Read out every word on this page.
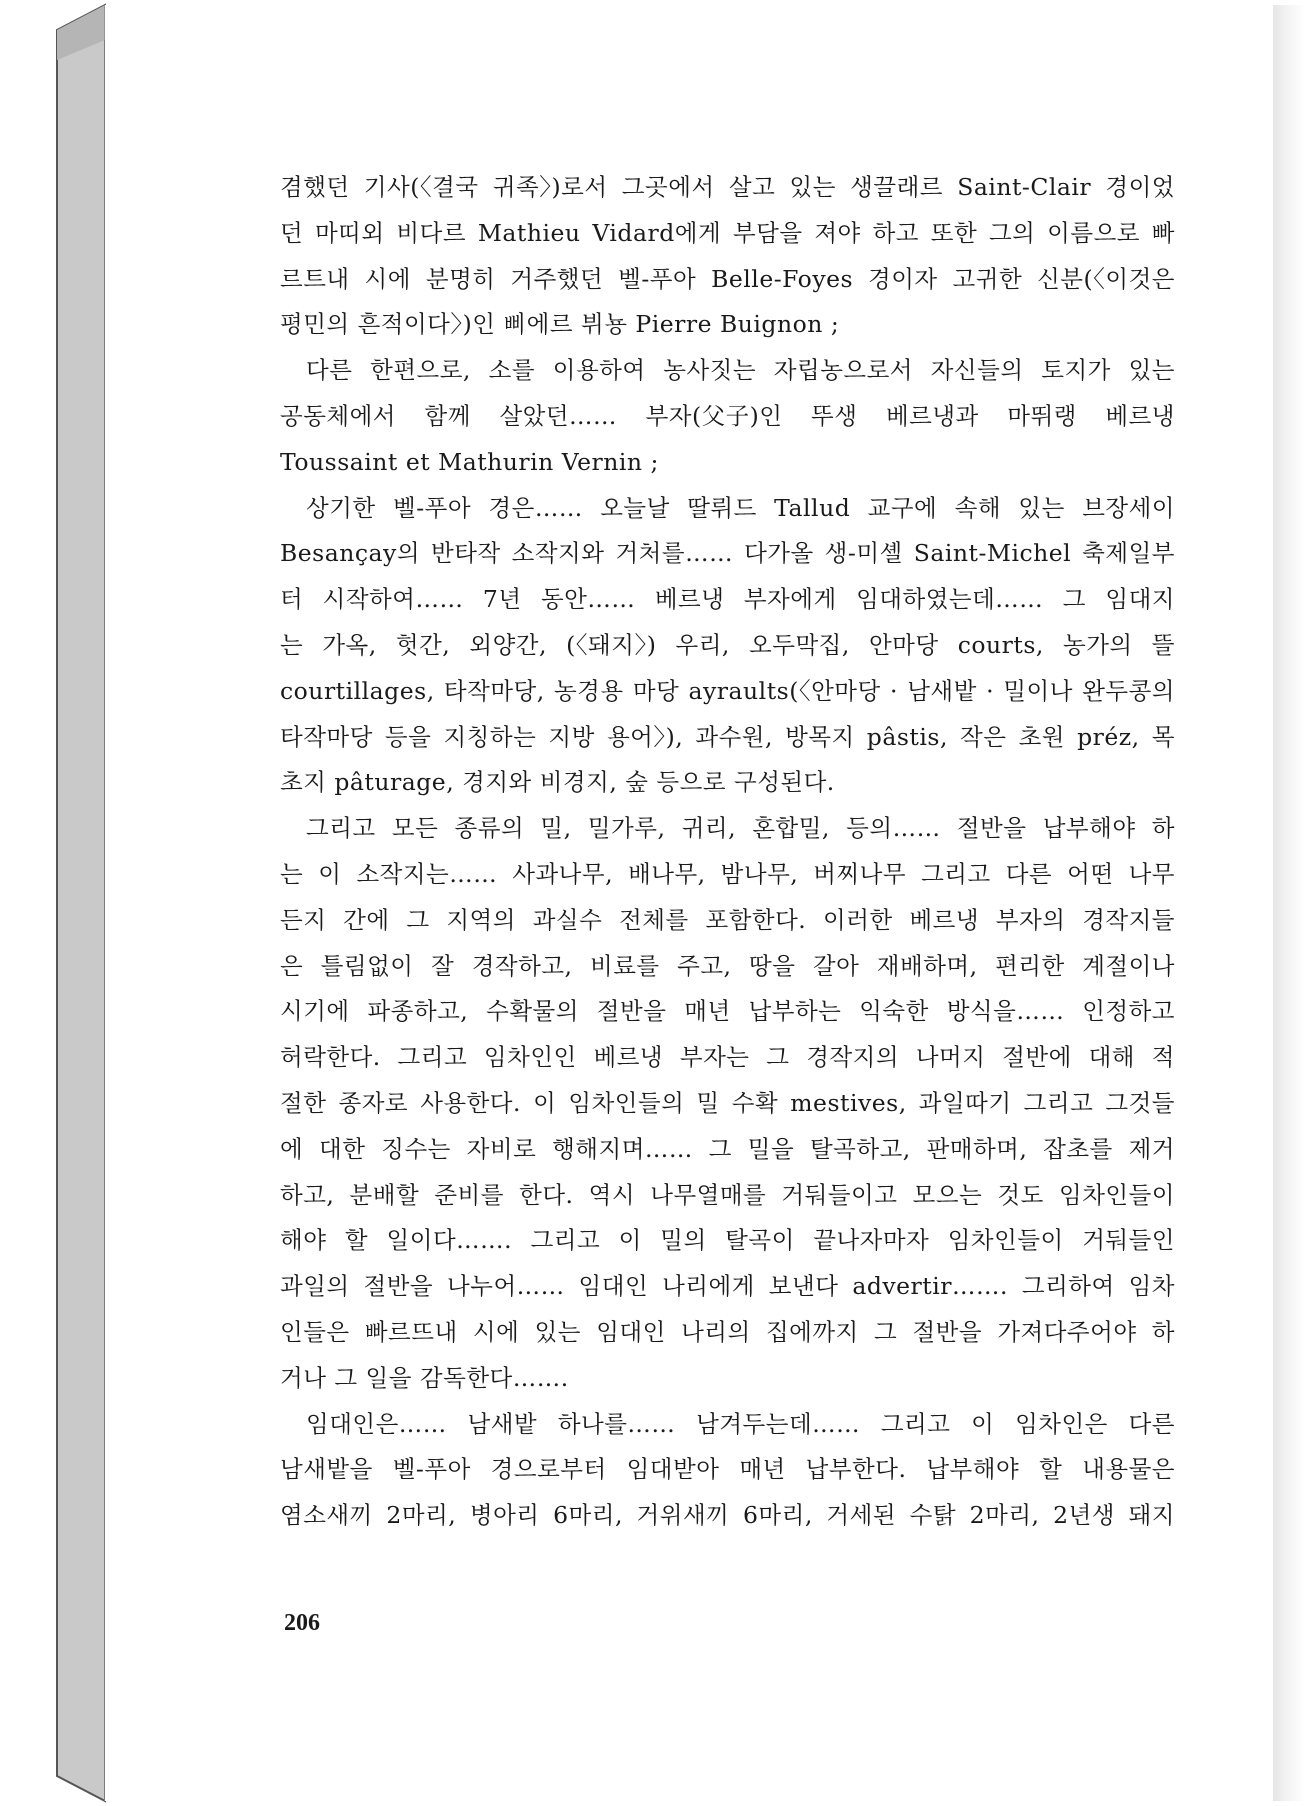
겸했던 기사(〈결국 귀족〉)로서 그곳에서 살고 있는 생끌래르 Saint-Clair 경이었
던 마띠외 비다르 Mathieu Vidard에게 부담을 져야 하고 또한 그의 이름으로 빠
르트내 시에 분명히 거주했던 벨-푸아 Belle-Foyes 경이자 고귀한 신분(〈이것은
평민의 흔적이다〉)인 삐에르 뷔뇽 Pierre Buignon ;
다른 한편으로, 소를 이용하여 농사짓는 자립농으로서 자신들의 토지가 있는
공동체에서 함께 살았던…… 부자(父子)인 뚜생 베르냉과 마뛰랭 베르냉
Toussaint et Mathurin Vernin ;
상기한 벨-푸아 경은…… 오늘날 딸뤼드 Tallud 교구에 속해 있는 브장세이
Besançay의 반타작 소작지와 거처를…… 다가올 생-미셸 Saint-Michel 축제일부
터 시작하여…… 7년 동안…… 베르냉 부자에게 임대하였는데…… 그 임대지
는 가옥, 헛간, 외양간, (〈돼지〉) 우리, 오두막집, 안마당 courts, 농가의 뜰
courtillages, 타작마당, 농경용 마당 ayraults(〈안마당 · 남새밭 · 밀이나 완두콩의
타작마당 등을 지칭하는 지방 용어〉), 과수원, 방목지 pâstis, 작은 초원 préz, 목
초지 pâturage, 경지와 비경지, 숲 등으로 구성된다.
그리고 모든 종류의 밀, 밀가루, 귀리, 혼합밀, 등의…… 절반을 납부해야 하
는 이 소작지는…… 사과나무, 배나무, 밤나무, 버찌나무 그리고 다른 어떤 나무
든지 간에 그 지역의 과실수 전체를 포함한다. 이러한 베르냉 부자의 경작지들
은 틀림없이 잘 경작하고, 비료를 주고, 땅을 갈아 재배하며, 편리한 계절이나
시기에 파종하고, 수확물의 절반을 매년 납부하는 익숙한 방식을…… 인정하고
허락한다. 그리고 임차인인 베르냉 부자는 그 경작지의 나머지 절반에 대해 적
절한 종자로 사용한다. 이 임차인들의 밀 수확 mestives, 과일따기 그리고 그것들
에 대한 징수는 자비로 행해지며…… 그 밀을 탈곡하고, 판매하며, 잡초를 제거
하고, 분배할 준비를 한다. 역시 나무열매를 거둬들이고 모으는 것도 임차인들이
해야 할 일이다……. 그리고 이 밀의 탈곡이 끝나자마자 임차인들이 거둬들인
과일의 절반을 나누어…… 임대인 나리에게 보낸다 advertir……. 그리하여 임차
인들은 빠르뜨내 시에 있는 임대인 나리의 집에까지 그 절반을 가져다주어야 하
거나 그 일을 감독한다…….
임대인은…… 남새밭 하나를…… 남겨두는데…… 그리고 이 임차인은 다른
남새밭을 벨-푸아 경으로부터 임대받아 매년 납부한다. 납부해야 할 내용물은
염소새끼 2마리, 병아리 6마리, 거위새끼 6마리, 거세된 수탉 2마리, 2년생 돼지
206
